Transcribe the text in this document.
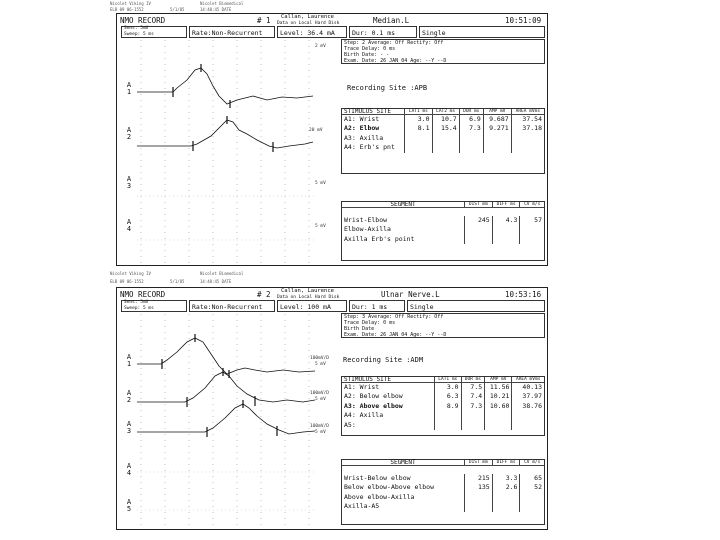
Nicolet Viking IV
ELB 09 06-1552	5/1/85
Nicolet Biomedical
14:40:45 DATE
NMO RECORD	# 1 Callan, Laurence
Data on Local Hard Disk	Median.L	10:51:09
Sens: 5mV
Sweep: 5 ms	Rate:Non-Recurrent	Level: 36.4 mA	Dur: 0.1 ms	Single
A
1
A
2
A
3
A
4
2 mV
20 mV
5 mV
5 mV
Step: 2 Average: Off Rectify: Off
Trace Delay: 0 ms
Birth Date: - -
Exam. Date: 26 JAN 04 Age: --Y --D
Recording Site :APB
STIMULUS SITE	LAT1 ms	LAT2 ms	DUR ms	AMP mV	AREA mVms
A1: Wrist	3.0	10.7	6.9	9.687	37.54
A2: Elbow	8.1	15.4	7.3	9.271	37.18
A3: Axilla					
A4: Erb's pnt					
SEGMENT	DIST mm	DIFF ms	CV m/s

Wrist-Elbow	245	4.3	57
Elbow-Axilla			
Axilla Erb's point			
Nicolet Viking IV
ELB 09 06-1552	5/1/85
Nicolet Biomedical
14:40:45 DATE
NMO RECORD	# 2 Callan, Laurence
Data on Local Hard Disk	Ulnar Nerve.L	10:53:16
Sens: 5mV
Sweep: 5 ms	Rate:Non-Recurrent	Level: 100 mA	Dur: 1 ms	Single
A
1
A
2
A
3
A
4
A
5
100mV/D
5 mV
100mV/D
5 mV
100mV/D
5 mV
Step: 3 Average: Off Rectify: Off
Trace Delay: 0 ms
Birth Date
Exam. Date: 26 JAN 04 Age: --Y --D
Recording Site :ADM
STIMULUS SITE	LAT1 ms	DUR ms	AMP mV	AREA mVms
A1: Wrist	3.0	7.5	11.56	40.13
A2: Below elbow	6.3	7.4	10.21	37.97
A3: Above elbow	8.9	7.3	10.60	38.76
A4: Axilla				
A5:				
SEGMENT	DIST mm	DIFF ms	CV m/s

Wrist-Below elbow	215	3.3	65
Below elbow-Above elbow	135	2.6	52
Above elbow-Axilla			
Axilla-A5			
